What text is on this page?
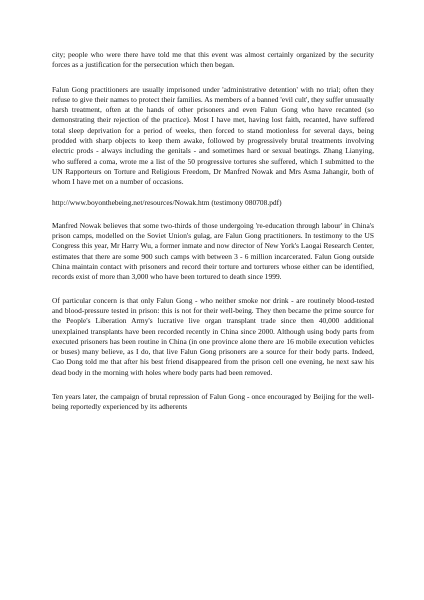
city; people who were there have told me that this event was almost certainly organized by the security forces as a justification for the persecution which then began.

Falun Gong practitioners are usually imprisoned under 'administrative detention' with no trial; often they refuse to give their names to protect their families. As members of a banned 'evil cult', they suffer unusually harsh treatment, often at the hands of other prisoners and even Falun Gong who have recanted (so demonstrating their rejection of the practice). Most I have met, having lost faith, recanted, have suffered total sleep deprivation for a period of weeks, then forced to stand motionless for several days, being prodded with sharp objects to keep them awake, followed by progressively brutal treatments involving electric prods - always including the genitals - and sometimes hard or sexual beatings. Zhang Lianying, who suffered a coma, wrote me a list of the 50 progressive tortures she suffered, which I submitted to the UN Rapporteurs on Torture and Religious Freedom, Dr Manfred Nowak and Mrs Asma Jahangir, both of whom I have met on a number of occasions.

http://www.boyonthebeing.net/resources/Nowak.htm (testimony 080708.pdf)

Manfred Nowak believes that some two-thirds of those undergoing 're-education through labour' in China's prison camps, modelled on the Soviet Union's gulag, are Falun Gong practitioners. In testimony to the US Congress this year, Mr Harry Wu, a former inmate and now director of New York's Laogai Research Center, estimates that there are some 900 such camps with between 3 - 6 million incarcerated. Falun Gong outside China maintain contact with prisoners and record their torture and torturers whose either can be identified, records exist of more than 3,000 who have been tortured to death since 1999.

Of particular concern is that only Falun Gong - who neither smoke nor drink - are routinely blood-tested and blood-pressure tested in prison: this is not for their well-being. They then became the prime source for the People's Liberation Army's lucrative live organ transplant trade since then 40,000 additional unexplained transplants have been recorded recently in China since 2000. Although using body parts from executed prisoners has been routine in China (in one province alone there are 16 mobile execution vehicles or buses) many believe, as I do, that live Falun Gong prisoners are a source for their body parts. Indeed, Cao Dong told me that after his best friend disappeared from the prison cell one evening, he next saw his dead body in the morning with holes where body parts had been removed.

Ten years later, the campaign of brutal repression of Falun Gong - once encouraged by Beijing for the well-being reportedly experienced by its adherents
